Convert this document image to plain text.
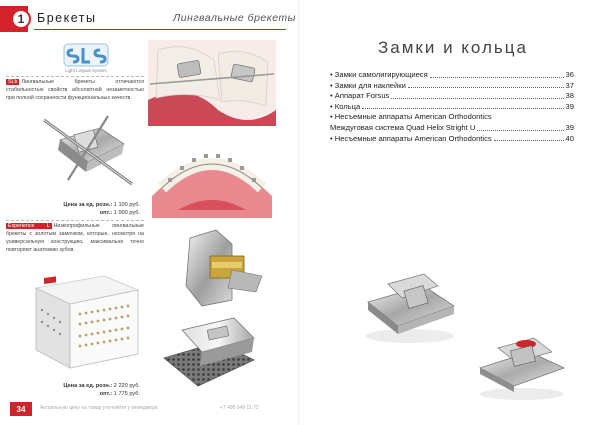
1	Брекеты	Лингвальные брекеты
Light Lingual System
SLb Лингвальные брекеты отличаются стабильностью свойств абсолютной незаметностью при полной сохранности функциональных качеств.
Цена за ед. розн.: 1 100 руб.
опт.: 1 000 руб.
Experience L Низкопрофильные лингвальные брекеты с золотым замочком, которые, несмотря на универсальную конструкцию, максимально точно повторяют анатомию зубов.
Цена за ед. розн.: 2 220 руб.
опт.: 1 775 руб.
34	Актуальную цену на товар уточняйте у менеджера	+7 495 649 11 72
Замки и кольца
• Замки самолигирующиеся	36
• Замки для наклейки	37
• Аппарат Forsus	38
• Кольца	39
• Несъемные аппараты American Orthodontics
Междуговая система Quad Helix Stright U	39
• Несъемные аппараты American Orthodontics	40
